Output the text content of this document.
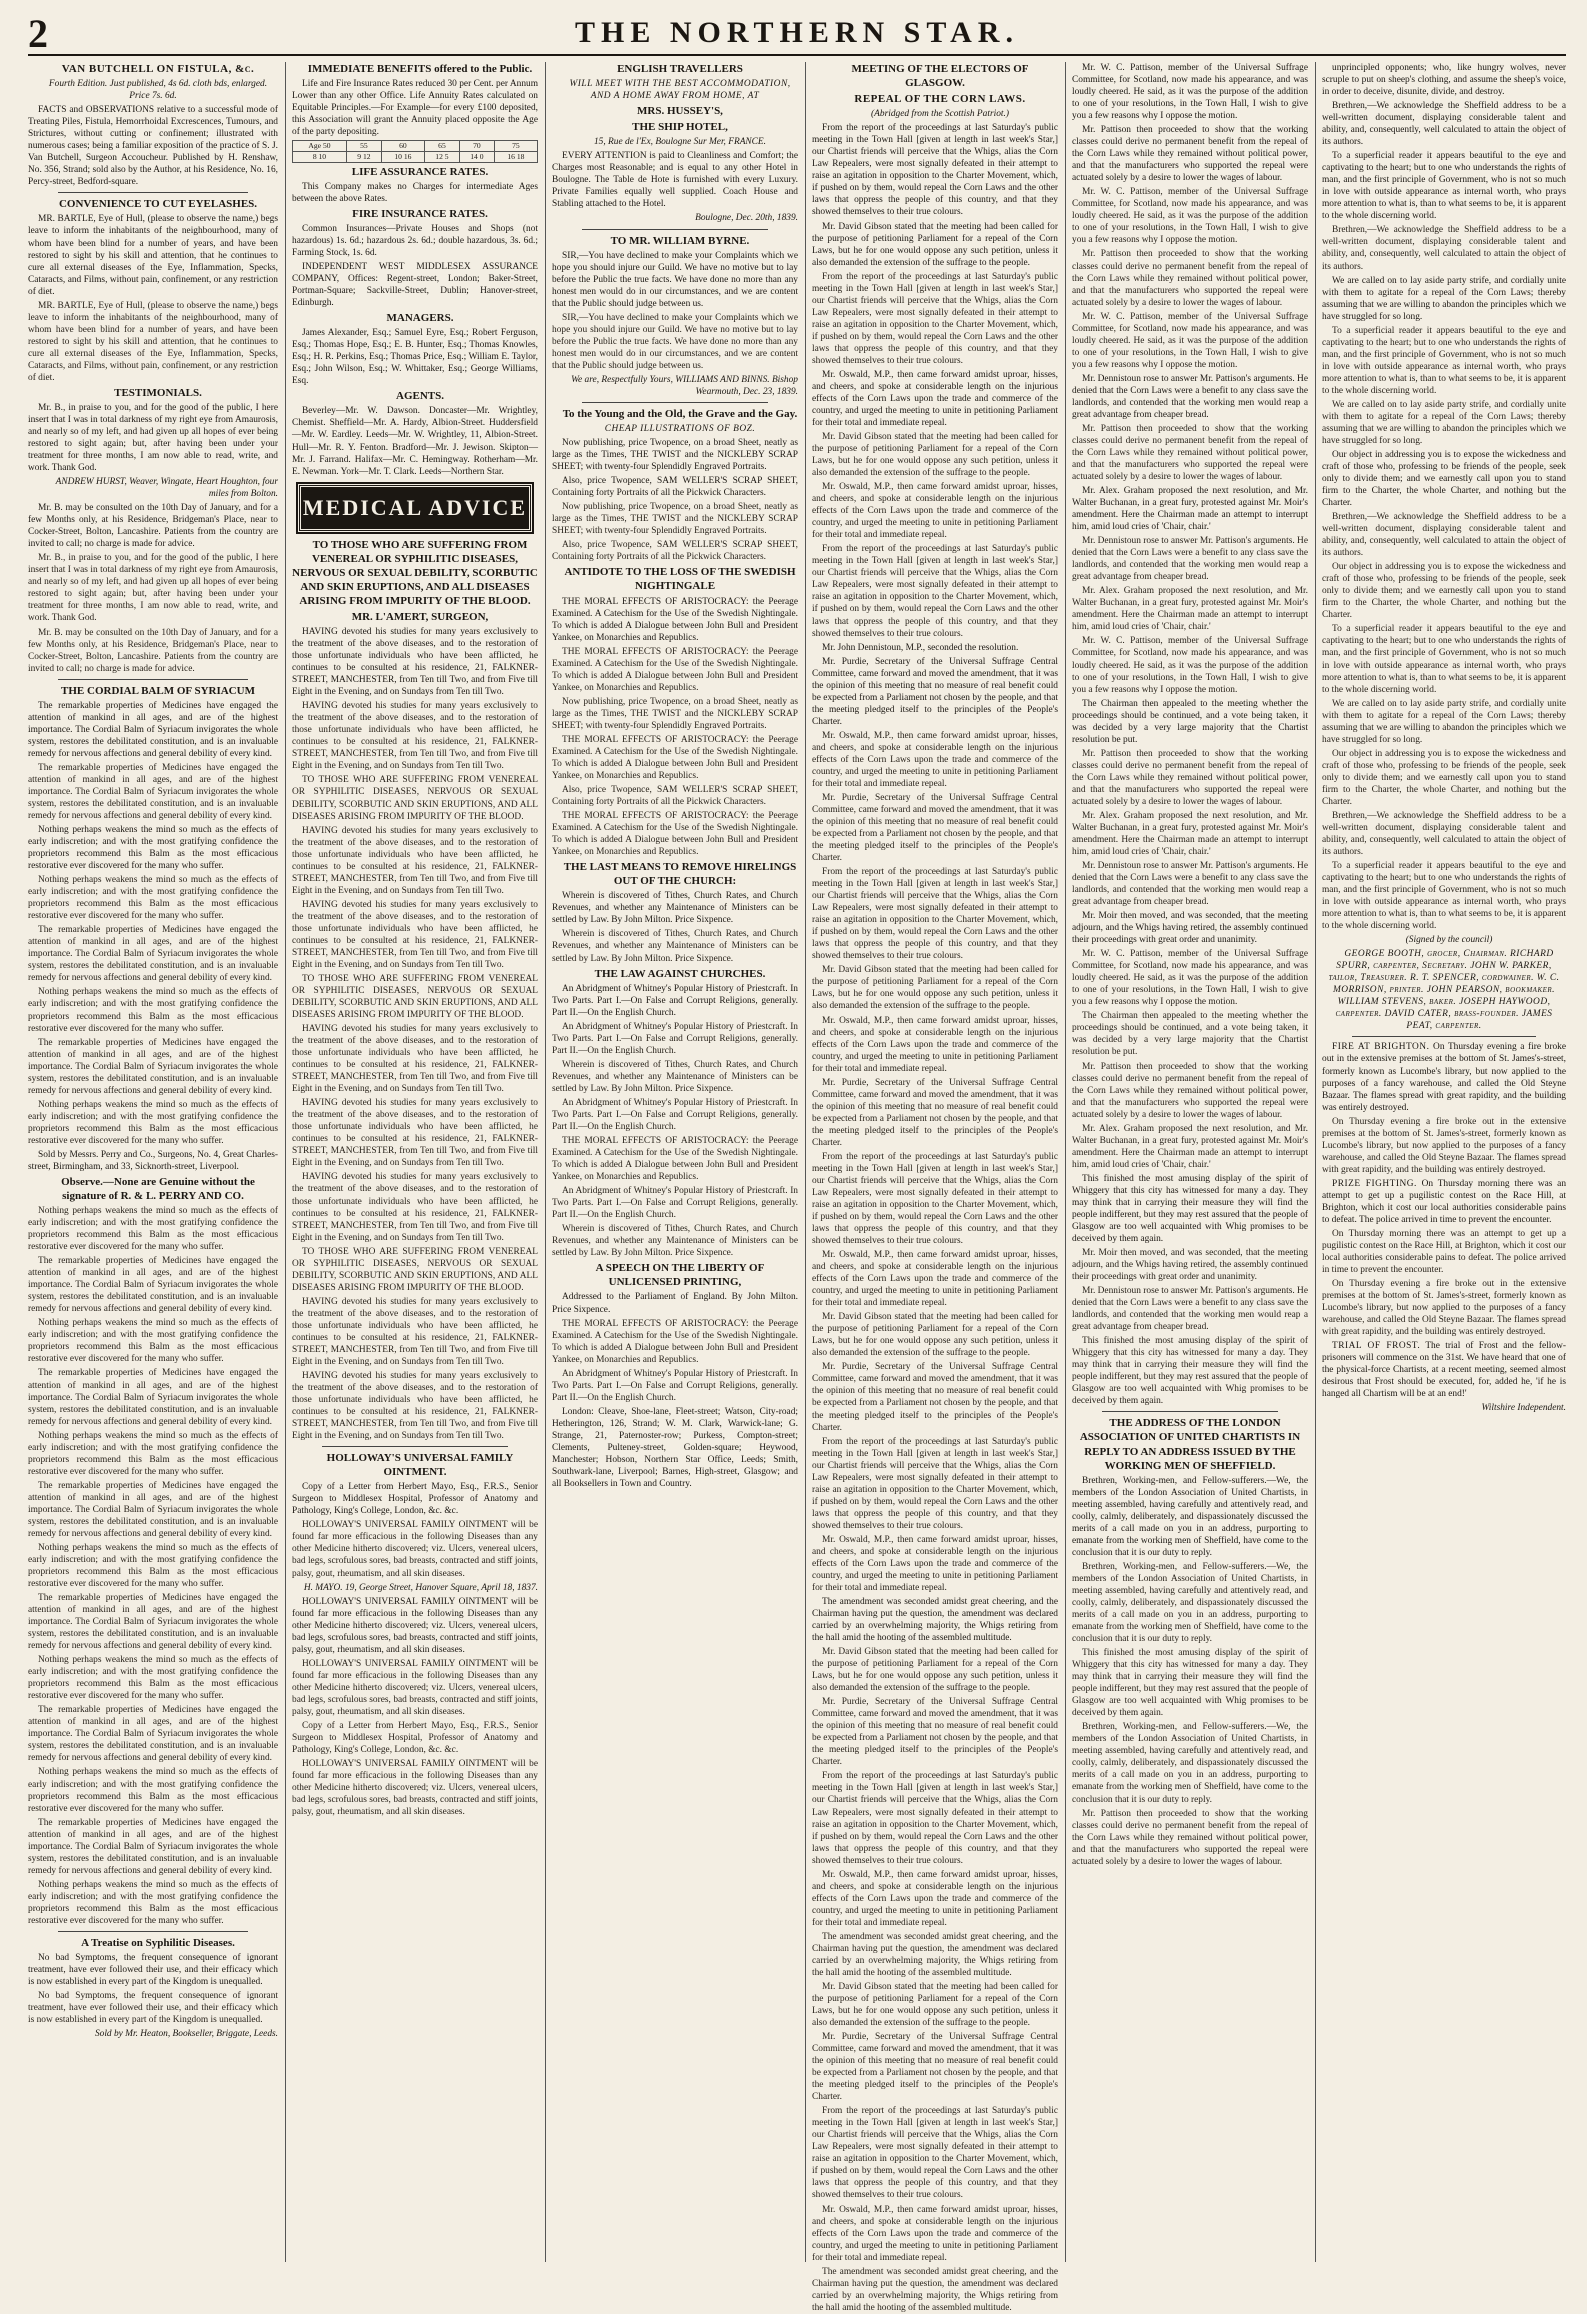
2	THE NORTHERN STAR.

VAN BUTCHELL ON FISTULA, &c.

Fourth Edition. Just published, 4s 6d. cloth bds, enlarged. Price 7s. 6d.

FACTS and OBSERVATIONS relative to a successful mode of Treating Piles, Fistula, Hemorrhoidal Excrescences, Tumours, and Strictures, without cutting or confinement; illustrated with numerous cases; being a familiar exposition of the practice of S. J. Van Butchell, Surgeon Accoucheur. Published by H. Renshaw, No. 356, Strand; sold also by the Author, at his Residence, No. 16, Percy-street, Bedford-square.

CONVENIENCE TO CUT EYELASHES.

MR. BARTLE, Eye of Hull, (please to observe the name,) begs leave to inform the inhabitants of the neighbourhood, many of whom have been blind for a number of years, and have been restored to sight by his skill and attention, that he continues to cure all external diseases of the Eye, Inflammation, Specks, Cataracts, and Films, without pain, confinement, or any restriction of diet.

MR. BARTLE, Eye of Hull, (please to observe the name,) begs leave to inform the inhabitants of the neighbourhood, many of whom have been blind for a number of years, and have been restored to sight by his skill and attention, that he continues to cure all external diseases of the Eye, Inflammation, Specks, Cataracts, and Films, without pain, confinement, or any restriction of diet.

TESTIMONIALS.

Mr. B., in praise to you, and for the good of the public, I here insert that I was in total darkness of my right eye from Amaurosis, and nearly so of my left, and had given up all hopes of ever being restored to sight again; but, after having been under your treatment for three months, I am now able to read, write, and work. Thank God.

ANDREW HURST, Weaver, Wingate, Heart Houghton, four miles from Bolton.

Mr. B. may be consulted on the 10th Day of January, and for a few Months only, at his Residence, Bridgeman's Place, near to Cocker-Street, Bolton, Lancashire. Patients from the country are invited to call; no charge is made for advice.

Mr. B., in praise to you, and for the good of the public, I here insert that I was in total darkness of my right eye from Amaurosis, and nearly so of my left, and had given up all hopes of ever being restored to sight again; but, after having been under your treatment for three months, I am now able to read, write, and work. Thank God.

Mr. B. may be consulted on the 10th Day of January, and for a few Months only, at his Residence, Bridgeman's Place, near to Cocker-Street, Bolton, Lancashire. Patients from the country are invited to call; no charge is made for advice.

THE CORDIAL BALM OF SYRIACUM

The remarkable properties of Medicines have engaged the attention of mankind in all ages, and are of the highest importance. The Cordial Balm of Syriacum invigorates the whole system, restores the debilitated constitution, and is an invaluable remedy for nervous affections and general debility of every kind.

The remarkable properties of Medicines have engaged the attention of mankind in all ages, and are of the highest importance. The Cordial Balm of Syriacum invigorates the whole system, restores the debilitated constitution, and is an invaluable remedy for nervous affections and general debility of every kind.

Nothing perhaps weakens the mind so much as the effects of early indiscretion; and with the most gratifying confidence the proprietors recommend this Balm as the most efficacious restorative ever discovered for the many who suffer.

Nothing perhaps weakens the mind so much as the effects of early indiscretion; and with the most gratifying confidence the proprietors recommend this Balm as the most efficacious restorative ever discovered for the many who suffer.

The remarkable properties of Medicines have engaged the attention of mankind in all ages, and are of the highest importance. The Cordial Balm of Syriacum invigorates the whole system, restores the debilitated constitution, and is an invaluable remedy for nervous affections and general debility of every kind.

Nothing perhaps weakens the mind so much as the effects of early indiscretion; and with the most gratifying confidence the proprietors recommend this Balm as the most efficacious restorative ever discovered for the many who suffer.

The remarkable properties of Medicines have engaged the attention of mankind in all ages, and are of the highest importance. The Cordial Balm of Syriacum invigorates the whole system, restores the debilitated constitution, and is an invaluable remedy for nervous affections and general debility of every kind.

Nothing perhaps weakens the mind so much as the effects of early indiscretion; and with the most gratifying confidence the proprietors recommend this Balm as the most efficacious restorative ever discovered for the many who suffer.

Sold by Messrs. Perry and Co., Surgeons, No. 4, Great Charles-street, Birmingham, and 33, Sicknorth-street, Liverpool.

Observe.—None are Genuine without the signature of R. & L. PERRY AND CO.

Nothing perhaps weakens the mind so much as the effects of early indiscretion; and with the most gratifying confidence the proprietors recommend this Balm as the most efficacious restorative ever discovered for the many who suffer.

The remarkable properties of Medicines have engaged the attention of mankind in all ages, and are of the highest importance. The Cordial Balm of Syriacum invigorates the whole system, restores the debilitated constitution, and is an invaluable remedy for nervous affections and general debility of every kind.

Nothing perhaps weakens the mind so much as the effects of early indiscretion; and with the most gratifying confidence the proprietors recommend this Balm as the most efficacious restorative ever discovered for the many who suffer.

The remarkable properties of Medicines have engaged the attention of mankind in all ages, and are of the highest importance. The Cordial Balm of Syriacum invigorates the whole system, restores the debilitated constitution, and is an invaluable remedy for nervous affections and general debility of every kind.

Nothing perhaps weakens the mind so much as the effects of early indiscretion; and with the most gratifying confidence the proprietors recommend this Balm as the most efficacious restorative ever discovered for the many who suffer.

The remarkable properties of Medicines have engaged the attention of mankind in all ages, and are of the highest importance. The Cordial Balm of Syriacum invigorates the whole system, restores the debilitated constitution, and is an invaluable remedy for nervous affections and general debility of every kind.

Nothing perhaps weakens the mind so much as the effects of early indiscretion; and with the most gratifying confidence the proprietors recommend this Balm as the most efficacious restorative ever discovered for the many who suffer.

The remarkable properties of Medicines have engaged the attention of mankind in all ages, and are of the highest importance. The Cordial Balm of Syriacum invigorates the whole system, restores the debilitated constitution, and is an invaluable remedy for nervous affections and general debility of every kind.

Nothing perhaps weakens the mind so much as the effects of early indiscretion; and with the most gratifying confidence the proprietors recommend this Balm as the most efficacious restorative ever discovered for the many who suffer.

The remarkable properties of Medicines have engaged the attention of mankind in all ages, and are of the highest importance. The Cordial Balm of Syriacum invigorates the whole system, restores the debilitated constitution, and is an invaluable remedy for nervous affections and general debility of every kind.

Nothing perhaps weakens the mind so much as the effects of early indiscretion; and with the most gratifying confidence the proprietors recommend this Balm as the most efficacious restorative ever discovered for the many who suffer.

The remarkable properties of Medicines have engaged the attention of mankind in all ages, and are of the highest importance. The Cordial Balm of Syriacum invigorates the whole system, restores the debilitated constitution, and is an invaluable remedy for nervous affections and general debility of every kind.

Nothing perhaps weakens the mind so much as the effects of early indiscretion; and with the most gratifying confidence the proprietors recommend this Balm as the most efficacious restorative ever discovered for the many who suffer.

A Treatise on Syphilitic Diseases.

No bad Symptoms, the frequent consequence of ignorant treatment, have ever followed their use, and their efficacy which is now established in every part of the Kingdom is unequalled.

No bad Symptoms, the frequent consequence of ignorant treatment, have ever followed their use, and their efficacy which is now established in every part of the Kingdom is unequalled.

Sold by Mr. Heaton, Bookseller, Briggate, Leeds.

IMMEDIATE BENEFITS offered to the Public.

Life and Fire Insurance Rates reduced 30 per Cent. per Annum Lower than any other Office. Life Annuity Rates calculated on Equitable Principles.—For Example—for every £100 deposited, this Association will grant the Annuity placed opposite the Age of the party depositing.

Age 50	55	60	65	70	75
8 10	9 12	10 16	12 5	14 0	16 18

LIFE ASSURANCE RATES.

This Company makes no Charges for intermediate Ages between the above Rates.

FIRE INSURANCE RATES.

Common Insurances—Private Houses and Shops (not hazardous) 1s. 6d.; hazardous 2s. 6d.; double hazardous, 3s. 6d.; Farming Stock, 1s. 6d.

INDEPENDENT WEST MIDDLESEX ASSURANCE COMPANY, Offices: Regent-street, London; Baker-Street, Portman-Square; Sackville-Street, Dublin; Hanover-street, Edinburgh.

MANAGERS.

James Alexander, Esq.; Samuel Eyre, Esq.; Robert Ferguson, Esq.; Thomas Hope, Esq.; E. B. Hunter, Esq.; Thomas Knowles, Esq.; H. R. Perkins, Esq.; Thomas Price, Esq.; William E. Taylor, Esq.; John Wilson, Esq.; W. Whittaker, Esq.; George Williams, Esq.

AGENTS.

Beverley—Mr. W. Dawson. Doncaster—Mr. Wrightley, Chemist. Sheffield—Mr. A. Hardy, Albion-Street. Huddersfield—Mr. W. Eardley. Leeds—Mr. W. Wrightley, 11, Albion-Street. Hull—Mr. R. Y. Fenton. Bradford—Mr. J. Jewison. Skipton—Mr. J. Farrand. Halifax—Mr. C. Hemingway. Rotherham—Mr. E. Newman. York—Mr. T. Clark. Leeds—Northern Star.

MEDICAL ADVICE

TO THOSE WHO ARE SUFFERING FROM VENEREAL OR SYPHILITIC DISEASES, NERVOUS OR SEXUAL DEBILITY, SCORBUTIC AND SKIN ERUPTIONS, AND ALL DISEASES ARISING FROM IMPURITY OF THE BLOOD.

MR. L'AMERT, SURGEON,

HAVING devoted his studies for many years exclusively to the treatment of the above diseases, and to the restoration of those unfortunate individuals who have been afflicted, he continues to be consulted at his residence, 21, FALKNER-STREET, MANCHESTER, from Ten till Two, and from Five till Eight in the Evening, and on Sundays from Ten till Two.

HAVING devoted his studies for many years exclusively to the treatment of the above diseases, and to the restoration of those unfortunate individuals who have been afflicted, he continues to be consulted at his residence, 21, FALKNER-STREET, MANCHESTER, from Ten till Two, and from Five till Eight in the Evening, and on Sundays from Ten till Two.

TO THOSE WHO ARE SUFFERING FROM VENEREAL OR SYPHILITIC DISEASES, NERVOUS OR SEXUAL DEBILITY, SCORBUTIC AND SKIN ERUPTIONS, AND ALL DISEASES ARISING FROM IMPURITY OF THE BLOOD.

HAVING devoted his studies for many years exclusively to the treatment of the above diseases, and to the restoration of those unfortunate individuals who have been afflicted, he continues to be consulted at his residence, 21, FALKNER-STREET, MANCHESTER, from Ten till Two, and from Five till Eight in the Evening, and on Sundays from Ten till Two.

HAVING devoted his studies for many years exclusively to the treatment of the above diseases, and to the restoration of those unfortunate individuals who have been afflicted, he continues to be consulted at his residence, 21, FALKNER-STREET, MANCHESTER, from Ten till Two, and from Five till Eight in the Evening, and on Sundays from Ten till Two.

TO THOSE WHO ARE SUFFERING FROM VENEREAL OR SYPHILITIC DISEASES, NERVOUS OR SEXUAL DEBILITY, SCORBUTIC AND SKIN ERUPTIONS, AND ALL DISEASES ARISING FROM IMPURITY OF THE BLOOD.

HAVING devoted his studies for many years exclusively to the treatment of the above diseases, and to the restoration of those unfortunate individuals who have been afflicted, he continues to be consulted at his residence, 21, FALKNER-STREET, MANCHESTER, from Ten till Two, and from Five till Eight in the Evening, and on Sundays from Ten till Two.

HAVING devoted his studies for many years exclusively to the treatment of the above diseases, and to the restoration of those unfortunate individuals who have been afflicted, he continues to be consulted at his residence, 21, FALKNER-STREET, MANCHESTER, from Ten till Two, and from Five till Eight in the Evening, and on Sundays from Ten till Two.

HAVING devoted his studies for many years exclusively to the treatment of the above diseases, and to the restoration of those unfortunate individuals who have been afflicted, he continues to be consulted at his residence, 21, FALKNER-STREET, MANCHESTER, from Ten till Two, and from Five till Eight in the Evening, and on Sundays from Ten till Two.

TO THOSE WHO ARE SUFFERING FROM VENEREAL OR SYPHILITIC DISEASES, NERVOUS OR SEXUAL DEBILITY, SCORBUTIC AND SKIN ERUPTIONS, AND ALL DISEASES ARISING FROM IMPURITY OF THE BLOOD.

HAVING devoted his studies for many years exclusively to the treatment of the above diseases, and to the restoration of those unfortunate individuals who have been afflicted, he continues to be consulted at his residence, 21, FALKNER-STREET, MANCHESTER, from Ten till Two, and from Five till Eight in the Evening, and on Sundays from Ten till Two.

HAVING devoted his studies for many years exclusively to the treatment of the above diseases, and to the restoration of those unfortunate individuals who have been afflicted, he continues to be consulted at his residence, 21, FALKNER-STREET, MANCHESTER, from Ten till Two, and from Five till Eight in the Evening, and on Sundays from Ten till Two.

HOLLOWAY'S UNIVERSAL FAMILY OINTMENT.

Copy of a Letter from Herbert Mayo, Esq., F.R.S., Senior Surgeon to Middlesex Hospital, Professor of Anatomy and Pathology, King's College, London, &c. &c.

HOLLOWAY'S UNIVERSAL FAMILY OINTMENT will be found far more efficacious in the following Diseases than any other Medicine hitherto discovered; viz. Ulcers, venereal ulcers, bad legs, scrofulous sores, bad breasts, contracted and stiff joints, palsy, gout, rheumatism, and all skin diseases.

H. MAYO. 19, George Street, Hanover Square, April 18, 1837.

HOLLOWAY'S UNIVERSAL FAMILY OINTMENT will be found far more efficacious in the following Diseases than any other Medicine hitherto discovered; viz. Ulcers, venereal ulcers, bad legs, scrofulous sores, bad breasts, contracted and stiff joints, palsy, gout, rheumatism, and all skin diseases.

HOLLOWAY'S UNIVERSAL FAMILY OINTMENT will be found far more efficacious in the following Diseases than any other Medicine hitherto discovered; viz. Ulcers, venereal ulcers, bad legs, scrofulous sores, bad breasts, contracted and stiff joints, palsy, gout, rheumatism, and all skin diseases.

Copy of a Letter from Herbert Mayo, Esq., F.R.S., Senior Surgeon to Middlesex Hospital, Professor of Anatomy and Pathology, King's College, London, &c. &c.

HOLLOWAY'S UNIVERSAL FAMILY OINTMENT will be found far more efficacious in the following Diseases than any other Medicine hitherto discovered; viz. Ulcers, venereal ulcers, bad legs, scrofulous sores, bad breasts, contracted and stiff joints, palsy, gout, rheumatism, and all skin diseases.

ENGLISH TRAVELLERS

WILL MEET WITH THE BEST ACCOMMODATION, AND A HOME AWAY FROM HOME, AT

MRS. HUSSEY'S,

THE SHIP HOTEL,

15, Rue de l'Ex, Boulogne Sur Mer, FRANCE.

EVERY ATTENTION is paid to Cleanliness and Comfort; the Charges most Reasonable; and is equal to any other Hotel in Boulogne. The Table de Hote is furnished with every Luxury. Private Families equally well supplied. Coach House and Stabling attached to the Hotel.

Boulogne, Dec. 20th, 1839.

TO MR. WILLIAM BYRNE.

SIR,—You have declined to make your Complaints which we hope you should injure our Guild. We have no motive but to lay before the Public the true facts. We have done no more than any honest men would do in our circumstances, and we are content that the Public should judge between us.

SIR,—You have declined to make your Complaints which we hope you should injure our Guild. We have no motive but to lay before the Public the true facts. We have done no more than any honest men would do in our circumstances, and we are content that the Public should judge between us.

We are, Respectfully Yours, WILLIAMS AND BINNS. Bishop Wearmouth, Dec. 23, 1839.

To the Young and the Old, the Grave and the Gay.

CHEAP ILLUSTRATIONS OF BOZ.

Now publishing, price Twopence, on a broad Sheet, neatly as large as the Times, THE TWIST and the NICKLEBY SCRAP SHEET; with twenty-four Splendidly Engraved Portraits.

Also, price Twopence, SAM WELLER'S SCRAP SHEET, Containing forty Portraits of all the Pickwick Characters.

Now publishing, price Twopence, on a broad Sheet, neatly as large as the Times, THE TWIST and the NICKLEBY SCRAP SHEET; with twenty-four Splendidly Engraved Portraits.

Also, price Twopence, SAM WELLER'S SCRAP SHEET, Containing forty Portraits of all the Pickwick Characters.

ANTIDOTE TO THE LOSS OF THE SWEDISH NIGHTINGALE

THE MORAL EFFECTS OF ARISTOCRACY: the Peerage Examined. A Catechism for the Use of the Swedish Nightingale. To which is added A Dialogue between John Bull and President Yankee, on Monarchies and Republics.

THE MORAL EFFECTS OF ARISTOCRACY: the Peerage Examined. A Catechism for the Use of the Swedish Nightingale. To which is added A Dialogue between John Bull and President Yankee, on Monarchies and Republics.

Now publishing, price Twopence, on a broad Sheet, neatly as large as the Times, THE TWIST and the NICKLEBY SCRAP SHEET; with twenty-four Splendidly Engraved Portraits.

THE MORAL EFFECTS OF ARISTOCRACY: the Peerage Examined. A Catechism for the Use of the Swedish Nightingale. To which is added A Dialogue between John Bull and President Yankee, on Monarchies and Republics.

Also, price Twopence, SAM WELLER'S SCRAP SHEET, Containing forty Portraits of all the Pickwick Characters.

THE MORAL EFFECTS OF ARISTOCRACY: the Peerage Examined. A Catechism for the Use of the Swedish Nightingale. To which is added A Dialogue between John Bull and President Yankee, on Monarchies and Republics.

THE LAST MEANS TO REMOVE HIRELINGS OUT OF THE CHURCH:

Wherein is discovered of Tithes, Church Rates, and Church Revenues, and whether any Maintenance of Ministers can be settled by Law. By John Milton. Price Sixpence.

Wherein is discovered of Tithes, Church Rates, and Church Revenues, and whether any Maintenance of Ministers can be settled by Law. By John Milton. Price Sixpence.

THE LAW AGAINST CHURCHES.

An Abridgment of Whitney's Popular History of Priestcraft. In Two Parts. Part I.—On False and Corrupt Religions, generally. Part II.—On the English Church.

An Abridgment of Whitney's Popular History of Priestcraft. In Two Parts. Part I.—On False and Corrupt Religions, generally. Part II.—On the English Church.

Wherein is discovered of Tithes, Church Rates, and Church Revenues, and whether any Maintenance of Ministers can be settled by Law. By John Milton. Price Sixpence.

An Abridgment of Whitney's Popular History of Priestcraft. In Two Parts. Part I.—On False and Corrupt Religions, generally. Part II.—On the English Church.

THE MORAL EFFECTS OF ARISTOCRACY: the Peerage Examined. A Catechism for the Use of the Swedish Nightingale. To which is added A Dialogue between John Bull and President Yankee, on Monarchies and Republics.

An Abridgment of Whitney's Popular History of Priestcraft. In Two Parts. Part I.—On False and Corrupt Religions, generally. Part II.—On the English Church.

Wherein is discovered of Tithes, Church Rates, and Church Revenues, and whether any Maintenance of Ministers can be settled by Law. By John Milton. Price Sixpence.

A SPEECH ON THE LIBERTY OF UNLICENSED PRINTING,

Addressed to the Parliament of England. By John Milton. Price Sixpence.

THE MORAL EFFECTS OF ARISTOCRACY: the Peerage Examined. A Catechism for the Use of the Swedish Nightingale. To which is added A Dialogue between John Bull and President Yankee, on Monarchies and Republics.

An Abridgment of Whitney's Popular History of Priestcraft. In Two Parts. Part I.—On False and Corrupt Religions, generally. Part II.—On the English Church.

London: Cleave, Shoe-lane, Fleet-street; Watson, City-road; Hetherington, 126, Strand; W. M. Clark, Warwick-lane; G. Strange, 21, Paternoster-row; Purkess, Compton-street; Clements, Pulteney-street, Golden-square; Heywood, Manchester; Hobson, Northern Star Office, Leeds; Smith, Southwark-lane, Liverpool; Barnes, High-street, Glasgow; and all Booksellers in Town and Country.

MEETING OF THE ELECTORS OF GLASGOW.

REPEAL OF THE CORN LAWS.

(Abridged from the Scottish Patriot.)

From the report of the proceedings at last Saturday's public meeting in the Town Hall [given at length in last week's Star,] our Chartist friends will perceive that the Whigs, alias the Corn Law Repealers, were most signally defeated in their attempt to raise an agitation in opposition to the Charter Movement, which, if pushed on by them, would repeal the Corn Laws and the other laws that oppress the people of this country, and that they showed themselves to their true colours.

Mr. David Gibson stated that the meeting had been called for the purpose of petitioning Parliament for a repeal of the Corn Laws, but he for one would oppose any such petition, unless it also demanded the extension of the suffrage to the people.

From the report of the proceedings at last Saturday's public meeting in the Town Hall [given at length in last week's Star,] our Chartist friends will perceive that the Whigs, alias the Corn Law Repealers, were most signally defeated in their attempt to raise an agitation in opposition to the Charter Movement, which, if pushed on by them, would repeal the Corn Laws and the other laws that oppress the people of this country, and that they showed themselves to their true colours.

Mr. Oswald, M.P., then came forward amidst uproar, hisses, and cheers, and spoke at considerable length on the injurious effects of the Corn Laws upon the trade and commerce of the country, and urged the meeting to unite in petitioning Parliament for their total and immediate repeal.

Mr. David Gibson stated that the meeting had been called for the purpose of petitioning Parliament for a repeal of the Corn Laws, but he for one would oppose any such petition, unless it also demanded the extension of the suffrage to the people.

Mr. Oswald, M.P., then came forward amidst uproar, hisses, and cheers, and spoke at considerable length on the injurious effects of the Corn Laws upon the trade and commerce of the country, and urged the meeting to unite in petitioning Parliament for their total and immediate repeal.

From the report of the proceedings at last Saturday's public meeting in the Town Hall [given at length in last week's Star,] our Chartist friends will perceive that the Whigs, alias the Corn Law Repealers, were most signally defeated in their attempt to raise an agitation in opposition to the Charter Movement, which, if pushed on by them, would repeal the Corn Laws and the other laws that oppress the people of this country, and that they showed themselves to their true colours.

Mr. John Dennistoun, M.P., seconded the resolution.

Mr. Purdie, Secretary of the Universal Suffrage Central Committee, came forward and moved the amendment, that it was the opinion of this meeting that no measure of real benefit could be expected from a Parliament not chosen by the people, and that the meeting pledged itself to the principles of the People's Charter.

Mr. Oswald, M.P., then came forward amidst uproar, hisses, and cheers, and spoke at considerable length on the injurious effects of the Corn Laws upon the trade and commerce of the country, and urged the meeting to unite in petitioning Parliament for their total and immediate repeal.

Mr. Purdie, Secretary of the Universal Suffrage Central Committee, came forward and moved the amendment, that it was the opinion of this meeting that no measure of real benefit could be expected from a Parliament not chosen by the people, and that the meeting pledged itself to the principles of the People's Charter.

From the report of the proceedings at last Saturday's public meeting in the Town Hall [given at length in last week's Star,] our Chartist friends will perceive that the Whigs, alias the Corn Law Repealers, were most signally defeated in their attempt to raise an agitation in opposition to the Charter Movement, which, if pushed on by them, would repeal the Corn Laws and the other laws that oppress the people of this country, and that they showed themselves to their true colours.

Mr. David Gibson stated that the meeting had been called for the purpose of petitioning Parliament for a repeal of the Corn Laws, but he for one would oppose any such petition, unless it also demanded the extension of the suffrage to the people.

Mr. Oswald, M.P., then came forward amidst uproar, hisses, and cheers, and spoke at considerable length on the injurious effects of the Corn Laws upon the trade and commerce of the country, and urged the meeting to unite in petitioning Parliament for their total and immediate repeal.

Mr. Purdie, Secretary of the Universal Suffrage Central Committee, came forward and moved the amendment, that it was the opinion of this meeting that no measure of real benefit could be expected from a Parliament not chosen by the people, and that the meeting pledged itself to the principles of the People's Charter.

From the report of the proceedings at last Saturday's public meeting in the Town Hall [given at length in last week's Star,] our Chartist friends will perceive that the Whigs, alias the Corn Law Repealers, were most signally defeated in their attempt to raise an agitation in opposition to the Charter Movement, which, if pushed on by them, would repeal the Corn Laws and the other laws that oppress the people of this country, and that they showed themselves to their true colours.

Mr. Oswald, M.P., then came forward amidst uproar, hisses, and cheers, and spoke at considerable length on the injurious effects of the Corn Laws upon the trade and commerce of the country, and urged the meeting to unite in petitioning Parliament for their total and immediate repeal.

Mr. David Gibson stated that the meeting had been called for the purpose of petitioning Parliament for a repeal of the Corn Laws, but he for one would oppose any such petition, unless it also demanded the extension of the suffrage to the people.

Mr. Purdie, Secretary of the Universal Suffrage Central Committee, came forward and moved the amendment, that it was the opinion of this meeting that no measure of real benefit could be expected from a Parliament not chosen by the people, and that the meeting pledged itself to the principles of the People's Charter.

From the report of the proceedings at last Saturday's public meeting in the Town Hall [given at length in last week's Star,] our Chartist friends will perceive that the Whigs, alias the Corn Law Repealers, were most signally defeated in their attempt to raise an agitation in opposition to the Charter Movement, which, if pushed on by them, would repeal the Corn Laws and the other laws that oppress the people of this country, and that they showed themselves to their true colours.

Mr. Oswald, M.P., then came forward amidst uproar, hisses, and cheers, and spoke at considerable length on the injurious effects of the Corn Laws upon the trade and commerce of the country, and urged the meeting to unite in petitioning Parliament for their total and immediate repeal.

The amendment was seconded amidst great cheering, and the Chairman having put the question, the amendment was declared carried by an overwhelming majority, the Whigs retiring from the hall amid the hooting of the assembled multitude.

Mr. David Gibson stated that the meeting had been called for the purpose of petitioning Parliament for a repeal of the Corn Laws, but he for one would oppose any such petition, unless it also demanded the extension of the suffrage to the people.

Mr. Purdie, Secretary of the Universal Suffrage Central Committee, came forward and moved the amendment, that it was the opinion of this meeting that no measure of real benefit could be expected from a Parliament not chosen by the people, and that the meeting pledged itself to the principles of the People's Charter.

From the report of the proceedings at last Saturday's public meeting in the Town Hall [given at length in last week's Star,] our Chartist friends will perceive that the Whigs, alias the Corn Law Repealers, were most signally defeated in their attempt to raise an agitation in opposition to the Charter Movement, which, if pushed on by them, would repeal the Corn Laws and the other laws that oppress the people of this country, and that they showed themselves to their true colours.

Mr. Oswald, M.P., then came forward amidst uproar, hisses, and cheers, and spoke at considerable length on the injurious effects of the Corn Laws upon the trade and commerce of the country, and urged the meeting to unite in petitioning Parliament for their total and immediate repeal.

The amendment was seconded amidst great cheering, and the Chairman having put the question, the amendment was declared carried by an overwhelming majority, the Whigs retiring from the hall amid the hooting of the assembled multitude.

Mr. David Gibson stated that the meeting had been called for the purpose of petitioning Parliament for a repeal of the Corn Laws, but he for one would oppose any such petition, unless it also demanded the extension of the suffrage to the people.

Mr. Purdie, Secretary of the Universal Suffrage Central Committee, came forward and moved the amendment, that it was the opinion of this meeting that no measure of real benefit could be expected from a Parliament not chosen by the people, and that the meeting pledged itself to the principles of the People's Charter.

From the report of the proceedings at last Saturday's public meeting in the Town Hall [given at length in last week's Star,] our Chartist friends will perceive that the Whigs, alias the Corn Law Repealers, were most signally defeated in their attempt to raise an agitation in opposition to the Charter Movement, which, if pushed on by them, would repeal the Corn Laws and the other laws that oppress the people of this country, and that they showed themselves to their true colours.

Mr. Oswald, M.P., then came forward amidst uproar, hisses, and cheers, and spoke at considerable length on the injurious effects of the Corn Laws upon the trade and commerce of the country, and urged the meeting to unite in petitioning Parliament for their total and immediate repeal.

The amendment was seconded amidst great cheering, and the Chairman having put the question, the amendment was declared carried by an overwhelming majority, the Whigs retiring from the hall amid the hooting of the assembled multitude.

Mr. W. C. Pattison, member of the Universal Suffrage Committee, for Scotland, now made his appearance, and was loudly cheered. He said, as it was the purpose of the addition to one of your resolutions, in the Town Hall, I wish to give you a few reasons why I oppose the motion.

Mr. Pattison then proceeded to show that the working classes could derive no permanent benefit from the repeal of the Corn Laws while they remained without political power, and that the manufacturers who supported the repeal were actuated solely by a desire to lower the wages of labour.

Mr. W. C. Pattison, member of the Universal Suffrage Committee, for Scotland, now made his appearance, and was loudly cheered. He said, as it was the purpose of the addition to one of your resolutions, in the Town Hall, I wish to give you a few reasons why I oppose the motion.

Mr. Pattison then proceeded to show that the working classes could derive no permanent benefit from the repeal of the Corn Laws while they remained without political power, and that the manufacturers who supported the repeal were actuated solely by a desire to lower the wages of labour.

Mr. W. C. Pattison, member of the Universal Suffrage Committee, for Scotland, now made his appearance, and was loudly cheered. He said, as it was the purpose of the addition to one of your resolutions, in the Town Hall, I wish to give you a few reasons why I oppose the motion.

Mr. Dennistoun rose to answer Mr. Pattison's arguments. He denied that the Corn Laws were a benefit to any class save the landlords, and contended that the working men would reap a great advantage from cheaper bread.

Mr. Pattison then proceeded to show that the working classes could derive no permanent benefit from the repeal of the Corn Laws while they remained without political power, and that the manufacturers who supported the repeal were actuated solely by a desire to lower the wages of labour.

Mr. Alex. Graham proposed the next resolution, and Mr. Walter Buchanan, in a great fury, protested against Mr. Moir's amendment. Here the Chairman made an attempt to interrupt him, amid loud cries of 'Chair, chair.'

Mr. Dennistoun rose to answer Mr. Pattison's arguments. He denied that the Corn Laws were a benefit to any class save the landlords, and contended that the working men would reap a great advantage from cheaper bread.

Mr. Alex. Graham proposed the next resolution, and Mr. Walter Buchanan, in a great fury, protested against Mr. Moir's amendment. Here the Chairman made an attempt to interrupt him, amid loud cries of 'Chair, chair.'

Mr. W. C. Pattison, member of the Universal Suffrage Committee, for Scotland, now made his appearance, and was loudly cheered. He said, as it was the purpose of the addition to one of your resolutions, in the Town Hall, I wish to give you a few reasons why I oppose the motion.

The Chairman then appealed to the meeting whether the proceedings should be continued, and a vote being taken, it was decided by a very large majority that the Chartist resolution be put.

Mr. Pattison then proceeded to show that the working classes could derive no permanent benefit from the repeal of the Corn Laws while they remained without political power, and that the manufacturers who supported the repeal were actuated solely by a desire to lower the wages of labour.

Mr. Alex. Graham proposed the next resolution, and Mr. Walter Buchanan, in a great fury, protested against Mr. Moir's amendment. Here the Chairman made an attempt to interrupt him, amid loud cries of 'Chair, chair.'

Mr. Dennistoun rose to answer Mr. Pattison's arguments. He denied that the Corn Laws were a benefit to any class save the landlords, and contended that the working men would reap a great advantage from cheaper bread.

Mr. Moir then moved, and was seconded, that the meeting adjourn, and the Whigs having retired, the assembly continued their proceedings with great order and unanimity.

Mr. W. C. Pattison, member of the Universal Suffrage Committee, for Scotland, now made his appearance, and was loudly cheered. He said, as it was the purpose of the addition to one of your resolutions, in the Town Hall, I wish to give you a few reasons why I oppose the motion.

The Chairman then appealed to the meeting whether the proceedings should be continued, and a vote being taken, it was decided by a very large majority that the Chartist resolution be put.

Mr. Pattison then proceeded to show that the working classes could derive no permanent benefit from the repeal of the Corn Laws while they remained without political power, and that the manufacturers who supported the repeal were actuated solely by a desire to lower the wages of labour.

Mr. Alex. Graham proposed the next resolution, and Mr. Walter Buchanan, in a great fury, protested against Mr. Moir's amendment. Here the Chairman made an attempt to interrupt him, amid loud cries of 'Chair, chair.'

This finished the most amusing display of the spirit of Whiggery that this city has witnessed for many a day. They may think that in carrying their measure they will find the people indifferent, but they may rest assured that the people of Glasgow are too well acquainted with Whig promises to be deceived by them again.

Mr. Moir then moved, and was seconded, that the meeting adjourn, and the Whigs having retired, the assembly continued their proceedings with great order and unanimity.

Mr. Dennistoun rose to answer Mr. Pattison's arguments. He denied that the Corn Laws were a benefit to any class save the landlords, and contended that the working men would reap a great advantage from cheaper bread.

This finished the most amusing display of the spirit of Whiggery that this city has witnessed for many a day. They may think that in carrying their measure they will find the people indifferent, but they may rest assured that the people of Glasgow are too well acquainted with Whig promises to be deceived by them again.

THE ADDRESS OF THE LONDON ASSOCIATION OF UNITED CHARTISTS IN REPLY TO AN ADDRESS ISSUED BY THE WORKING MEN OF SHEFFIELD.

Brethren, Working-men, and Fellow-sufferers.—We, the members of the London Association of United Chartists, in meeting assembled, having carefully and attentively read, and coolly, calmly, deliberately, and dispassionately discussed the merits of a call made on you in an address, purporting to emanate from the working men of Sheffield, have come to the conclusion that it is our duty to reply.

Brethren, Working-men, and Fellow-sufferers.—We, the members of the London Association of United Chartists, in meeting assembled, having carefully and attentively read, and coolly, calmly, deliberately, and dispassionately discussed the merits of a call made on you in an address, purporting to emanate from the working men of Sheffield, have come to the conclusion that it is our duty to reply.

This finished the most amusing display of the spirit of Whiggery that this city has witnessed for many a day. They may think that in carrying their measure they will find the people indifferent, but they may rest assured that the people of Glasgow are too well acquainted with Whig promises to be deceived by them again.

Brethren, Working-men, and Fellow-sufferers.—We, the members of the London Association of United Chartists, in meeting assembled, having carefully and attentively read, and coolly, calmly, deliberately, and dispassionately discussed the merits of a call made on you in an address, purporting to emanate from the working men of Sheffield, have come to the conclusion that it is our duty to reply.

Mr. Pattison then proceeded to show that the working classes could derive no permanent benefit from the repeal of the Corn Laws while they remained without political power, and that the manufacturers who supported the repeal were actuated solely by a desire to lower the wages of labour.

unprincipled opponents; who, like hungry wolves, never scruple to put on sheep's clothing, and assume the sheep's voice, in order to deceive, disunite, divide, and destroy.

Brethren,—We acknowledge the Sheffield address to be a well-written document, displaying considerable talent and ability, and, consequently, well calculated to attain the object of its authors.

To a superficial reader it appears beautiful to the eye and captivating to the heart; but to one who understands the rights of man, and the first principle of Government, who is not so much in love with outside appearance as internal worth, who prays more attention to what is, than to what seems to be, it is apparent to the whole discerning world.

Brethren,—We acknowledge the Sheffield address to be a well-written document, displaying considerable talent and ability, and, consequently, well calculated to attain the object of its authors.

We are called on to lay aside party strife, and cordially unite with them to agitate for a repeal of the Corn Laws; thereby assuming that we are willing to abandon the principles which we have struggled for so long.

To a superficial reader it appears beautiful to the eye and captivating to the heart; but to one who understands the rights of man, and the first principle of Government, who is not so much in love with outside appearance as internal worth, who prays more attention to what is, than to what seems to be, it is apparent to the whole discerning world.

We are called on to lay aside party strife, and cordially unite with them to agitate for a repeal of the Corn Laws; thereby assuming that we are willing to abandon the principles which we have struggled for so long.

Our object in addressing you is to expose the wickedness and craft of those who, professing to be friends of the people, seek only to divide them; and we earnestly call upon you to stand firm to the Charter, the whole Charter, and nothing but the Charter.

Brethren,—We acknowledge the Sheffield address to be a well-written document, displaying considerable talent and ability, and, consequently, well calculated to attain the object of its authors.

Our object in addressing you is to expose the wickedness and craft of those who, professing to be friends of the people, seek only to divide them; and we earnestly call upon you to stand firm to the Charter, the whole Charter, and nothing but the Charter.

To a superficial reader it appears beautiful to the eye and captivating to the heart; but to one who understands the rights of man, and the first principle of Government, who is not so much in love with outside appearance as internal worth, who prays more attention to what is, than to what seems to be, it is apparent to the whole discerning world.

We are called on to lay aside party strife, and cordially unite with them to agitate for a repeal of the Corn Laws; thereby assuming that we are willing to abandon the principles which we have struggled for so long.

Our object in addressing you is to expose the wickedness and craft of those who, professing to be friends of the people, seek only to divide them; and we earnestly call upon you to stand firm to the Charter, the whole Charter, and nothing but the Charter.

Brethren,—We acknowledge the Sheffield address to be a well-written document, displaying considerable talent and ability, and, consequently, well calculated to attain the object of its authors.

To a superficial reader it appears beautiful to the eye and captivating to the heart; but to one who understands the rights of man, and the first principle of Government, who is not so much in love with outside appearance as internal worth, who prays more attention to what is, than to what seems to be, it is apparent to the whole discerning world.

(Signed by the council)

GEORGE BOOTH, grocer, Chairman. RICHARD SPURR, carpenter, Secretary. JOHN W. PARKER, tailor, Treasurer. R. T. SPENCER, cordwainer. W. C. MORRISON, printer. JOHN PEARSON, bookmaker. WILLIAM STEVENS, baker. JOSEPH HAYWOOD, carpenter. DAVID CATER, brass-founder. JAMES PEAT, carpenter.

FIRE AT BRIGHTON. On Thursday evening a fire broke out in the extensive premises at the bottom of St. James's-street, formerly known as Lucombe's library, but now applied to the purposes of a fancy warehouse, and called the Old Steyne Bazaar. The flames spread with great rapidity, and the building was entirely destroyed.

On Thursday evening a fire broke out in the extensive premises at the bottom of St. James's-street, formerly known as Lucombe's library, but now applied to the purposes of a fancy warehouse, and called the Old Steyne Bazaar. The flames spread with great rapidity, and the building was entirely destroyed.

PRIZE FIGHTING. On Thursday morning there was an attempt to get up a pugilistic contest on the Race Hill, at Brighton, which it cost our local authorities considerable pains to defeat. The police arrived in time to prevent the encounter.

On Thursday morning there was an attempt to get up a pugilistic contest on the Race Hill, at Brighton, which it cost our local authorities considerable pains to defeat. The police arrived in time to prevent the encounter.

On Thursday evening a fire broke out in the extensive premises at the bottom of St. James's-street, formerly known as Lucombe's library, but now applied to the purposes of a fancy warehouse, and called the Old Steyne Bazaar. The flames spread with great rapidity, and the building was entirely destroyed.

TRIAL OF FROST. The trial of Frost and the fellow-prisoners will commence on the 31st. We have heard that one of the physical-force Chartists, at a recent meeting, seemed almost desirous that Frost should be executed, for, added he, 'if he is hanged all Chartism will be at an end!'

Wiltshire Independent.
